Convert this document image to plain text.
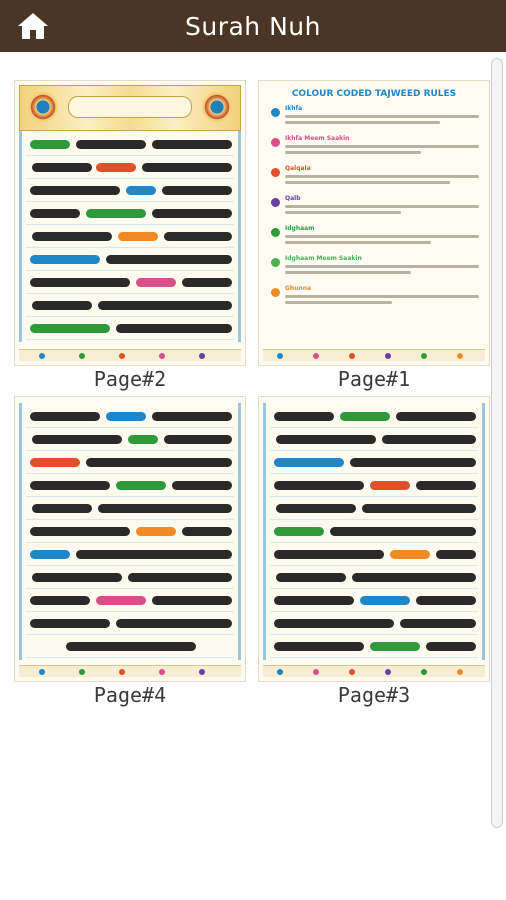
Surah Nuh
Page#2
COLOUR CODED TAJWEED RULES
Ikhfa
Ikhfa Meem Saakin
Qalqala
Qalb
Idghaam
Idghaam Meem Saakin
Ghunna
Page#1
Page#4	Page#3
